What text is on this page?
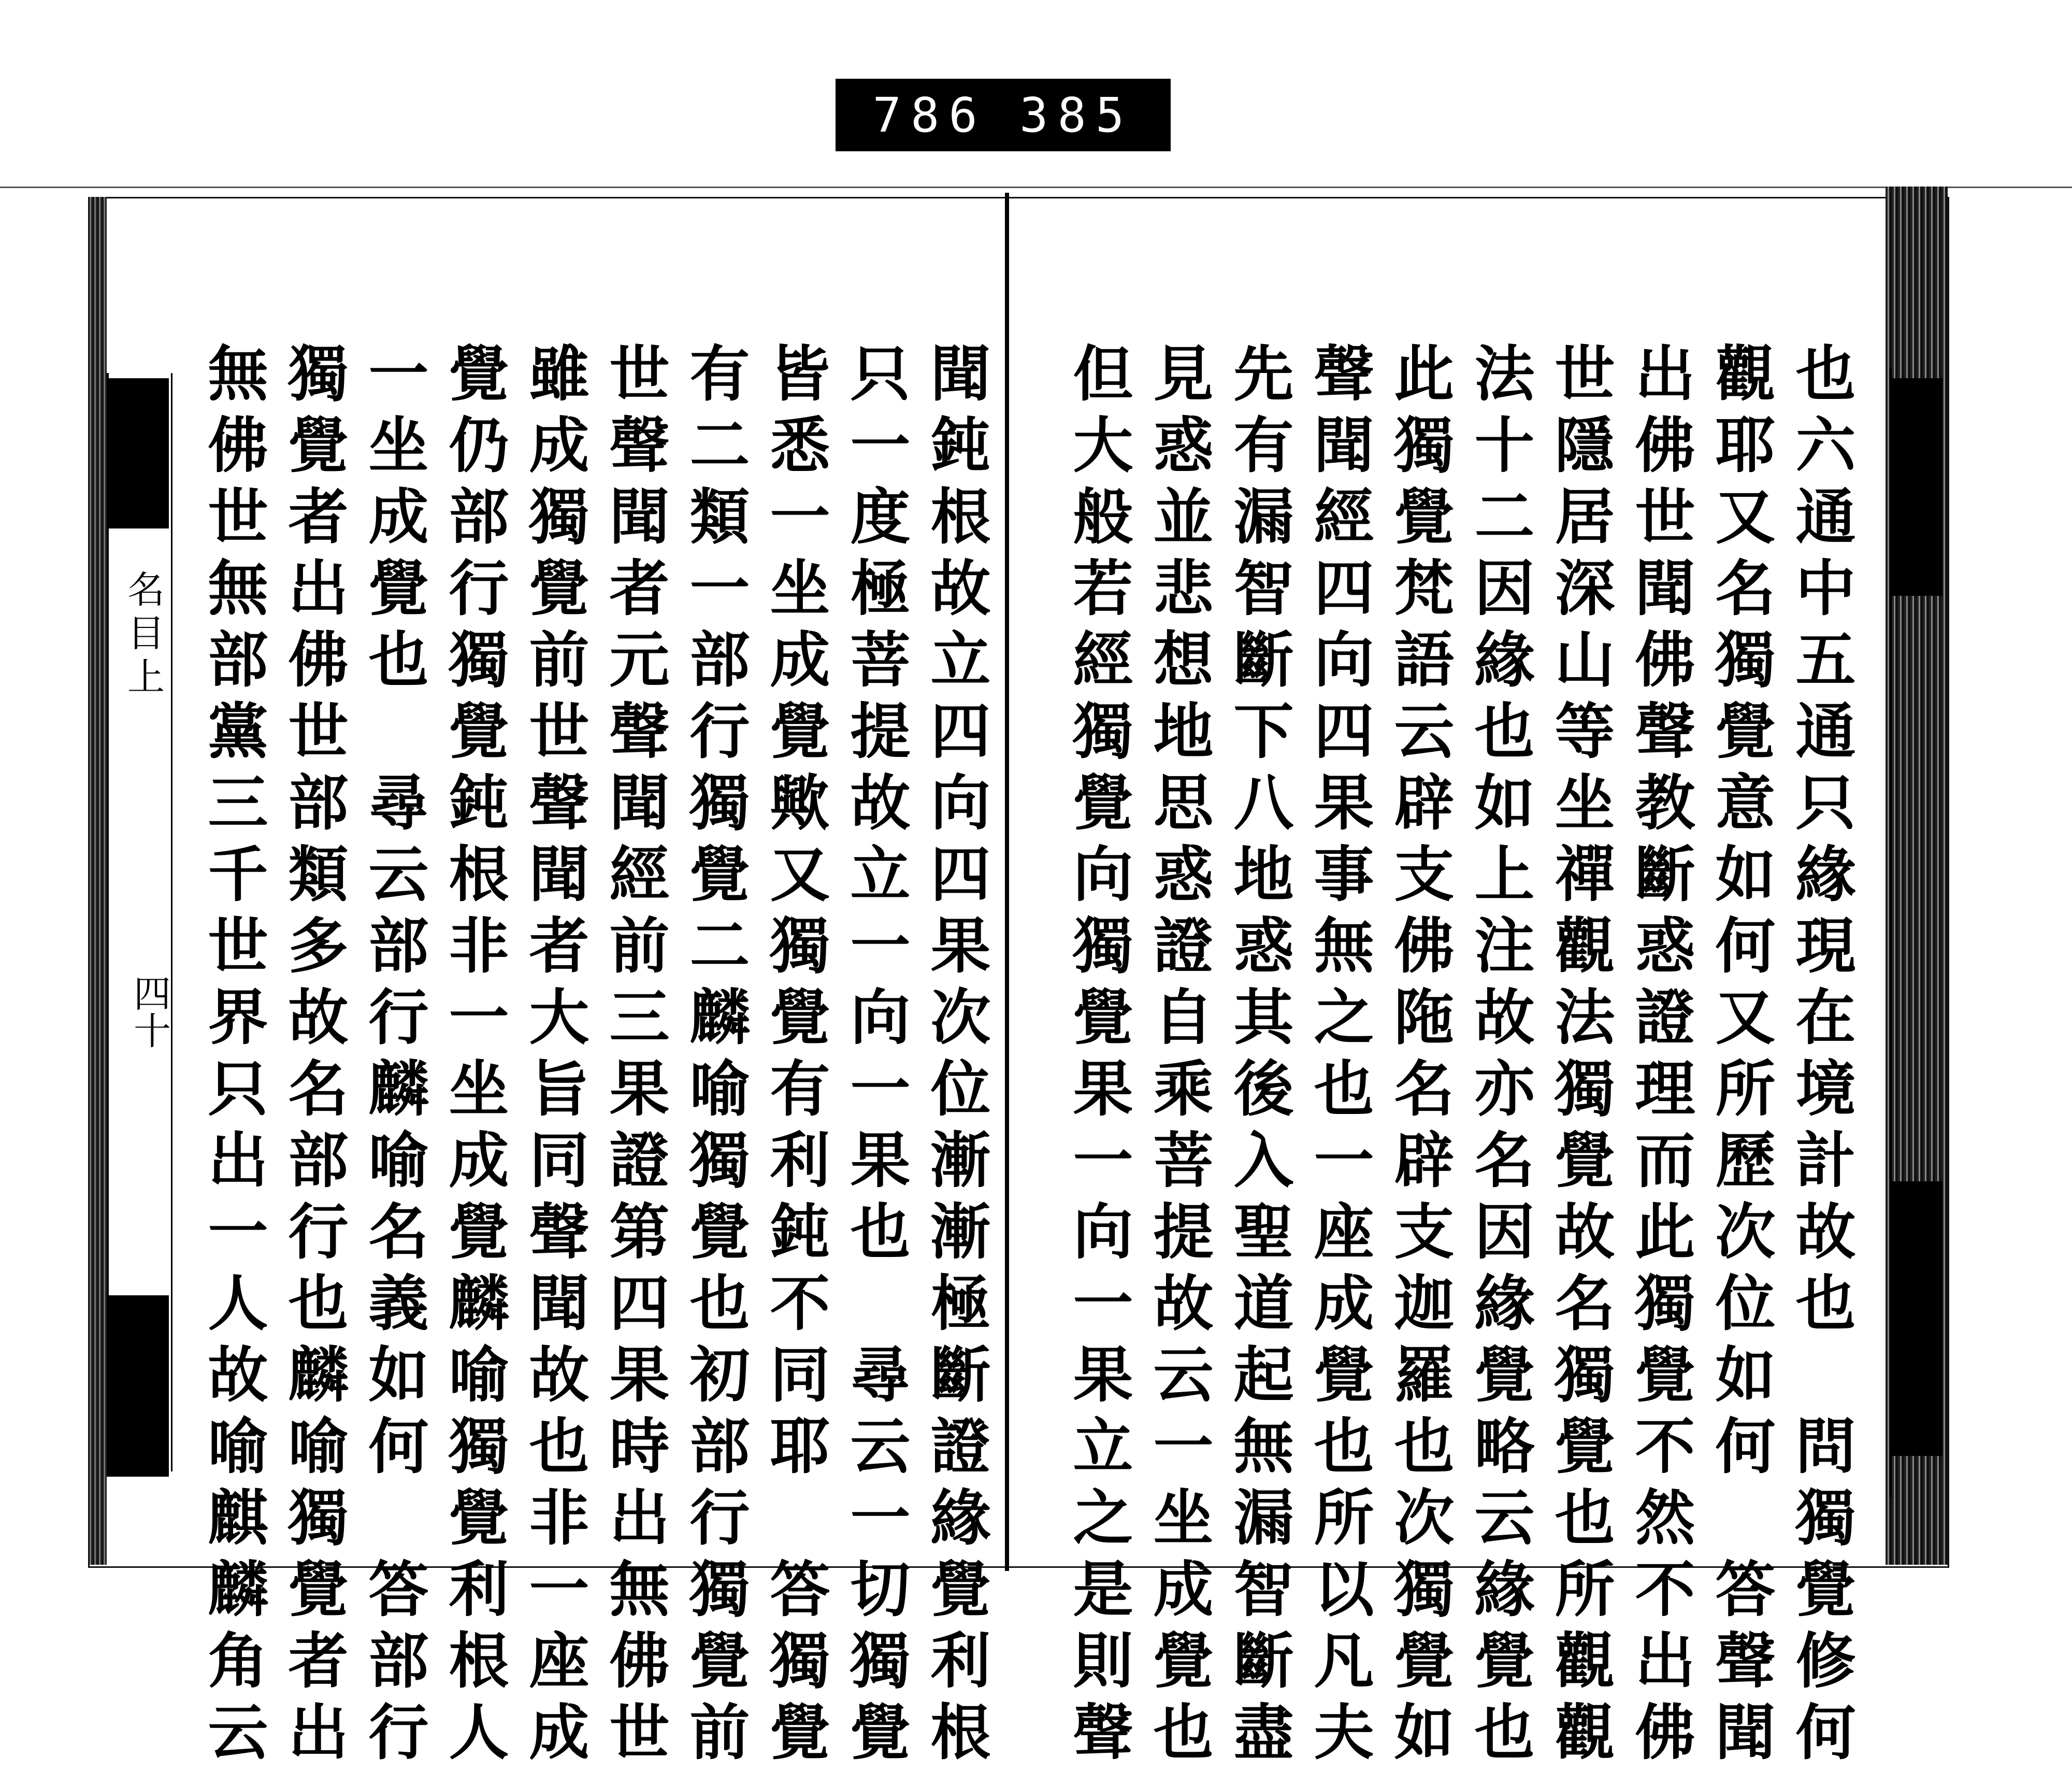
786 385
名目上
四十	也六通中五通只緣現在境計故也　問獨覺修何
觀耶又名獨覺意如何又所歷次位如何　答聲聞
出佛世聞佛聲教斷惑證理而此獨覺不然不出佛
世隱居深山等坐禪觀法獨覺故名獨覺也所觀觀
法十二因緣也如上注故亦名因緣覺略云緣覺也
此獨覺梵語云辟支佛陁名辟支迦羅也次獨覺如
聲聞經四向四果事無之也一座成覺也所以凡夫
先有漏智斷下八地惑其後入聖道起無漏智斷盡
見惑並悲想地思惑證自乘菩提故云一坐成覺也
但大般若經獨覺向獨覺果一向一果立之是則聲
聞鈍根故立四向四果次位漸漸極斷證緣覺利根
只一度極菩提故立一向一果也　尋云一切獨覺
皆悉一坐成覺歟又獨覺有利鈍不同耶　答獨覺
有二類一部行獨覺二麟喻獨覺也初部行獨覺前
世聲聞者元聲聞經前三果證第四果時出無佛世
雖成獨覺前世聲聞者大旨同聲聞故也非一座成
覺仍部行獨覺鈍根非一坐成覺麟喻獨覺利根人
一坐成覺也　尋云部行麟喻名義如何　答部行
獨覺者出佛世部類多故名部行也麟喻獨覺者出
無佛世無部黨三千世界只出一人故喻麒麟角云
